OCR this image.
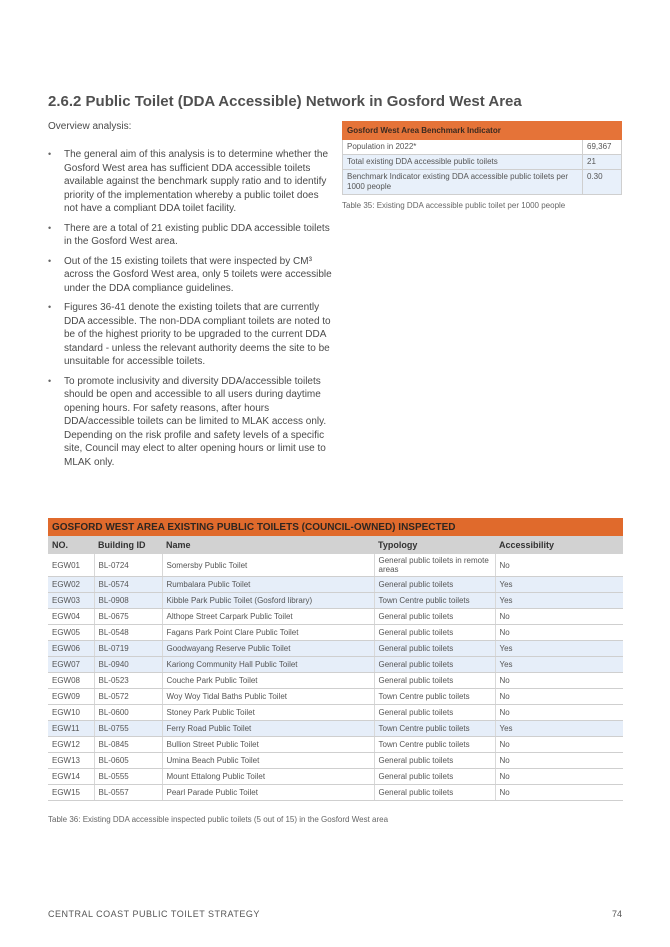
2.6.2 Public Toilet (DDA Accessible) Network in Gosford West Area
Overview analysis:
• The general aim of this analysis is to determine whether the Gosford West area has sufficient DDA accessible toilets available against the benchmark supply ratio and to identify priority of the implementation whereby a public toilet does not have a compliant DDA toilet facility.
• There are a total of 21 existing public DDA accessible toilets in the Gosford West area.
• Out of the 15 existing toilets that were inspected by CM³ across the Gosford West area, only 5 toilets were accessible under the DDA compliance guidelines.
• Figures 36-41 denote the existing toilets that are currently DDA accessible. The non-DDA compliant toilets are noted to be of the highest priority to be upgraded to the current DDA standard - unless the relevant authority deems the site to be unsuitable for accessible toilets.
• To promote inclusivity and diversity DDA/accessible toilets should be open and accessible to all users during daytime opening hours. For safety reasons, after hours DDA/accessible toilets can be limited to MLAK access only. Depending on the risk profile and safety levels of a specific site, Council may elect to alter opening hours or limit use to MLAK only.
Gosford West Area Benchmark Indicator	
Population in 2022*	69,367
Total existing DDA accessible public toilets	21
Benchmark Indicator existing DDA accessible public toilets per 1000 people	0.30
Table 35: Existing DDA accessible public toilet per 1000 people
GOSFORD WEST AREA EXISTING PUBLIC TOILETS (COUNCIL-OWNED) INSPECTED				
NO.	Building ID	Name	Typology	Accessibility
EGW01	BL-0724	Somersby Public Toilet	General public toilets in remote areas	No
EGW02	BL-0574	Rumbalara Public Toilet	General public toilets	Yes
EGW03	BL-0908	Kibble Park Public Toilet (Gosford library)	Town Centre public toilets	Yes
EGW04	BL-0675	Althope Street Carpark Public Toilet	General public toilets	No
EGW05	BL-0548	Fagans Park Point Clare Public Toilet	General public toilets	No
EGW06	BL-0719	Goodwayang Reserve Public Toilet	General public toilets	Yes
EGW07	BL-0940	Kariong Community Hall Public Toilet	General public toilets	Yes
EGW08	BL-0523	Couche Park Public Toilet	General public toilets	No
EGW09	BL-0572	Woy Woy Tidal Baths Public Toilet	Town Centre public toilets	No
EGW10	BL-0600	Stoney Park Public Toilet	General public toilets	No
EGW11	BL-0755	Ferry Road Public Toilet	Town Centre public toilets	Yes
EGW12	BL-0845	Bullion Street Public Toilet	Town Centre public toilets	No
EGW13	BL-0605	Umina Beach Public Toilet	General public toilets	No
EGW14	BL-0555	Mount Ettalong Public Toilet	General public toilets	No
EGW15	BL-0557	Pearl Parade Public Toilet	General public toilets	No
Table 36: Existing DDA accessible inspected public toilets (5 out of 15) in the Gosford West area
CENTRAL COAST PUBLIC TOILET STRATEGY	74
